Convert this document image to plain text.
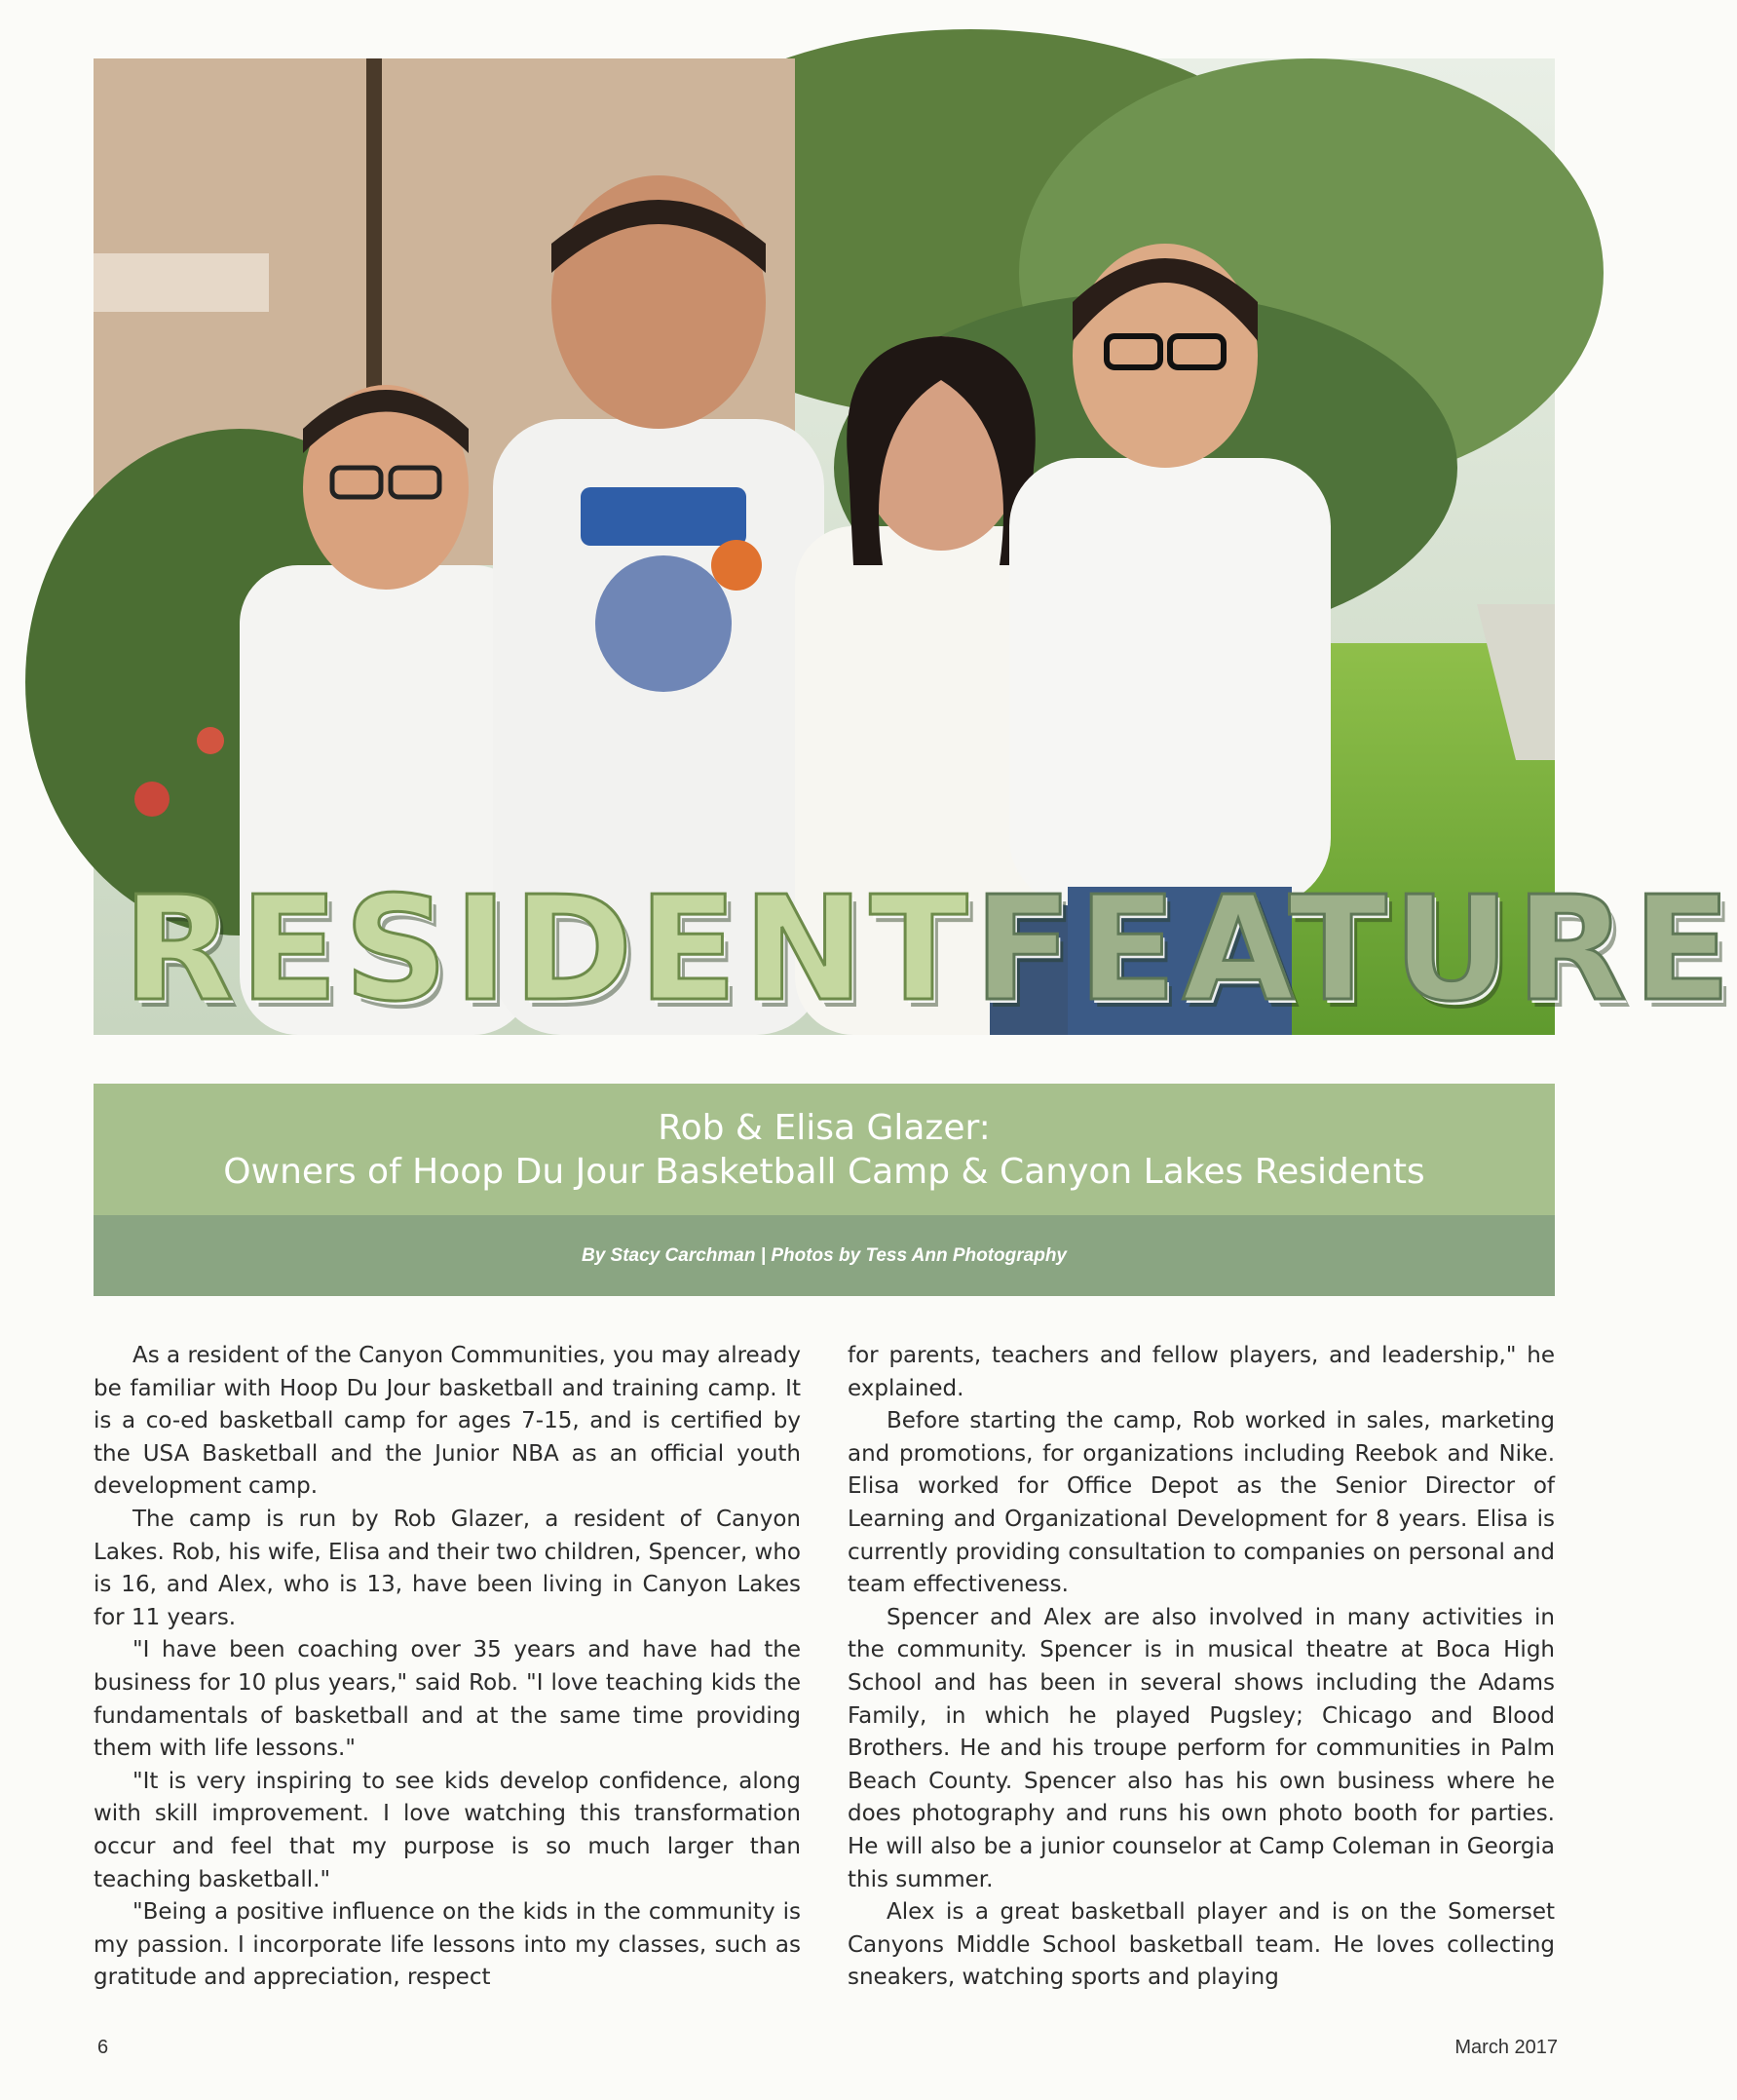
RESIDENTFEATURE
Rob & Elisa Glazer:
Owners of Hoop Du Jour Basketball Camp & Canyon Lakes Residents
By Stacy Carchman | Photos by Tess Ann Photography

As a resident of the Canyon Communities, you may already be familiar with Hoop Du Jour basketball and training camp. It is a co-ed basketball camp for ages 7-15, and is certified by the USA Basketball and the Junior NBA as an official youth development camp.

The camp is run by Rob Glazer, a resident of Canyon Lakes. Rob, his wife, Elisa and their two children, Spencer, who is 16, and Alex, who is 13, have been living in Canyon Lakes for 11 years.

"I have been coaching over 35 years and have had the business for 10 plus years," said Rob. "I love teaching kids the fundamentals of basketball and at the same time providing them with life lessons."

"It is very inspiring to see kids develop confidence, along with skill improvement. I love watching this transformation occur and feel that my purpose is so much larger than teaching basketball."

"Being a positive influence on the kids in the community is my passion. I incorporate life lessons into my classes, such as gratitude and appreciation, respect

for parents, teachers and fellow players, and leadership," he explained.

Before starting the camp, Rob worked in sales, marketing and promotions, for organizations including Reebok and Nike. Elisa worked for Office Depot as the Senior Director of Learning and Organizational Development for 8 years. Elisa is currently providing consultation to companies on personal and team effectiveness.

Spencer and Alex are also involved in many activities in the community. Spencer is in musical theatre at Boca High School and has been in several shows including the Adams Family, in which he played Pugsley; Chicago and Blood Brothers. He and his troupe perform for communities in Palm Beach County. Spencer also has his own business where he does photography and runs his own photo booth for parties. He will also be a junior counselor at Camp Coleman in Georgia this summer.

Alex is a great basketball player and is on the Somerset Canyons Middle School basketball team. He loves collecting sneakers, watching sports and playing

6	March 2017
